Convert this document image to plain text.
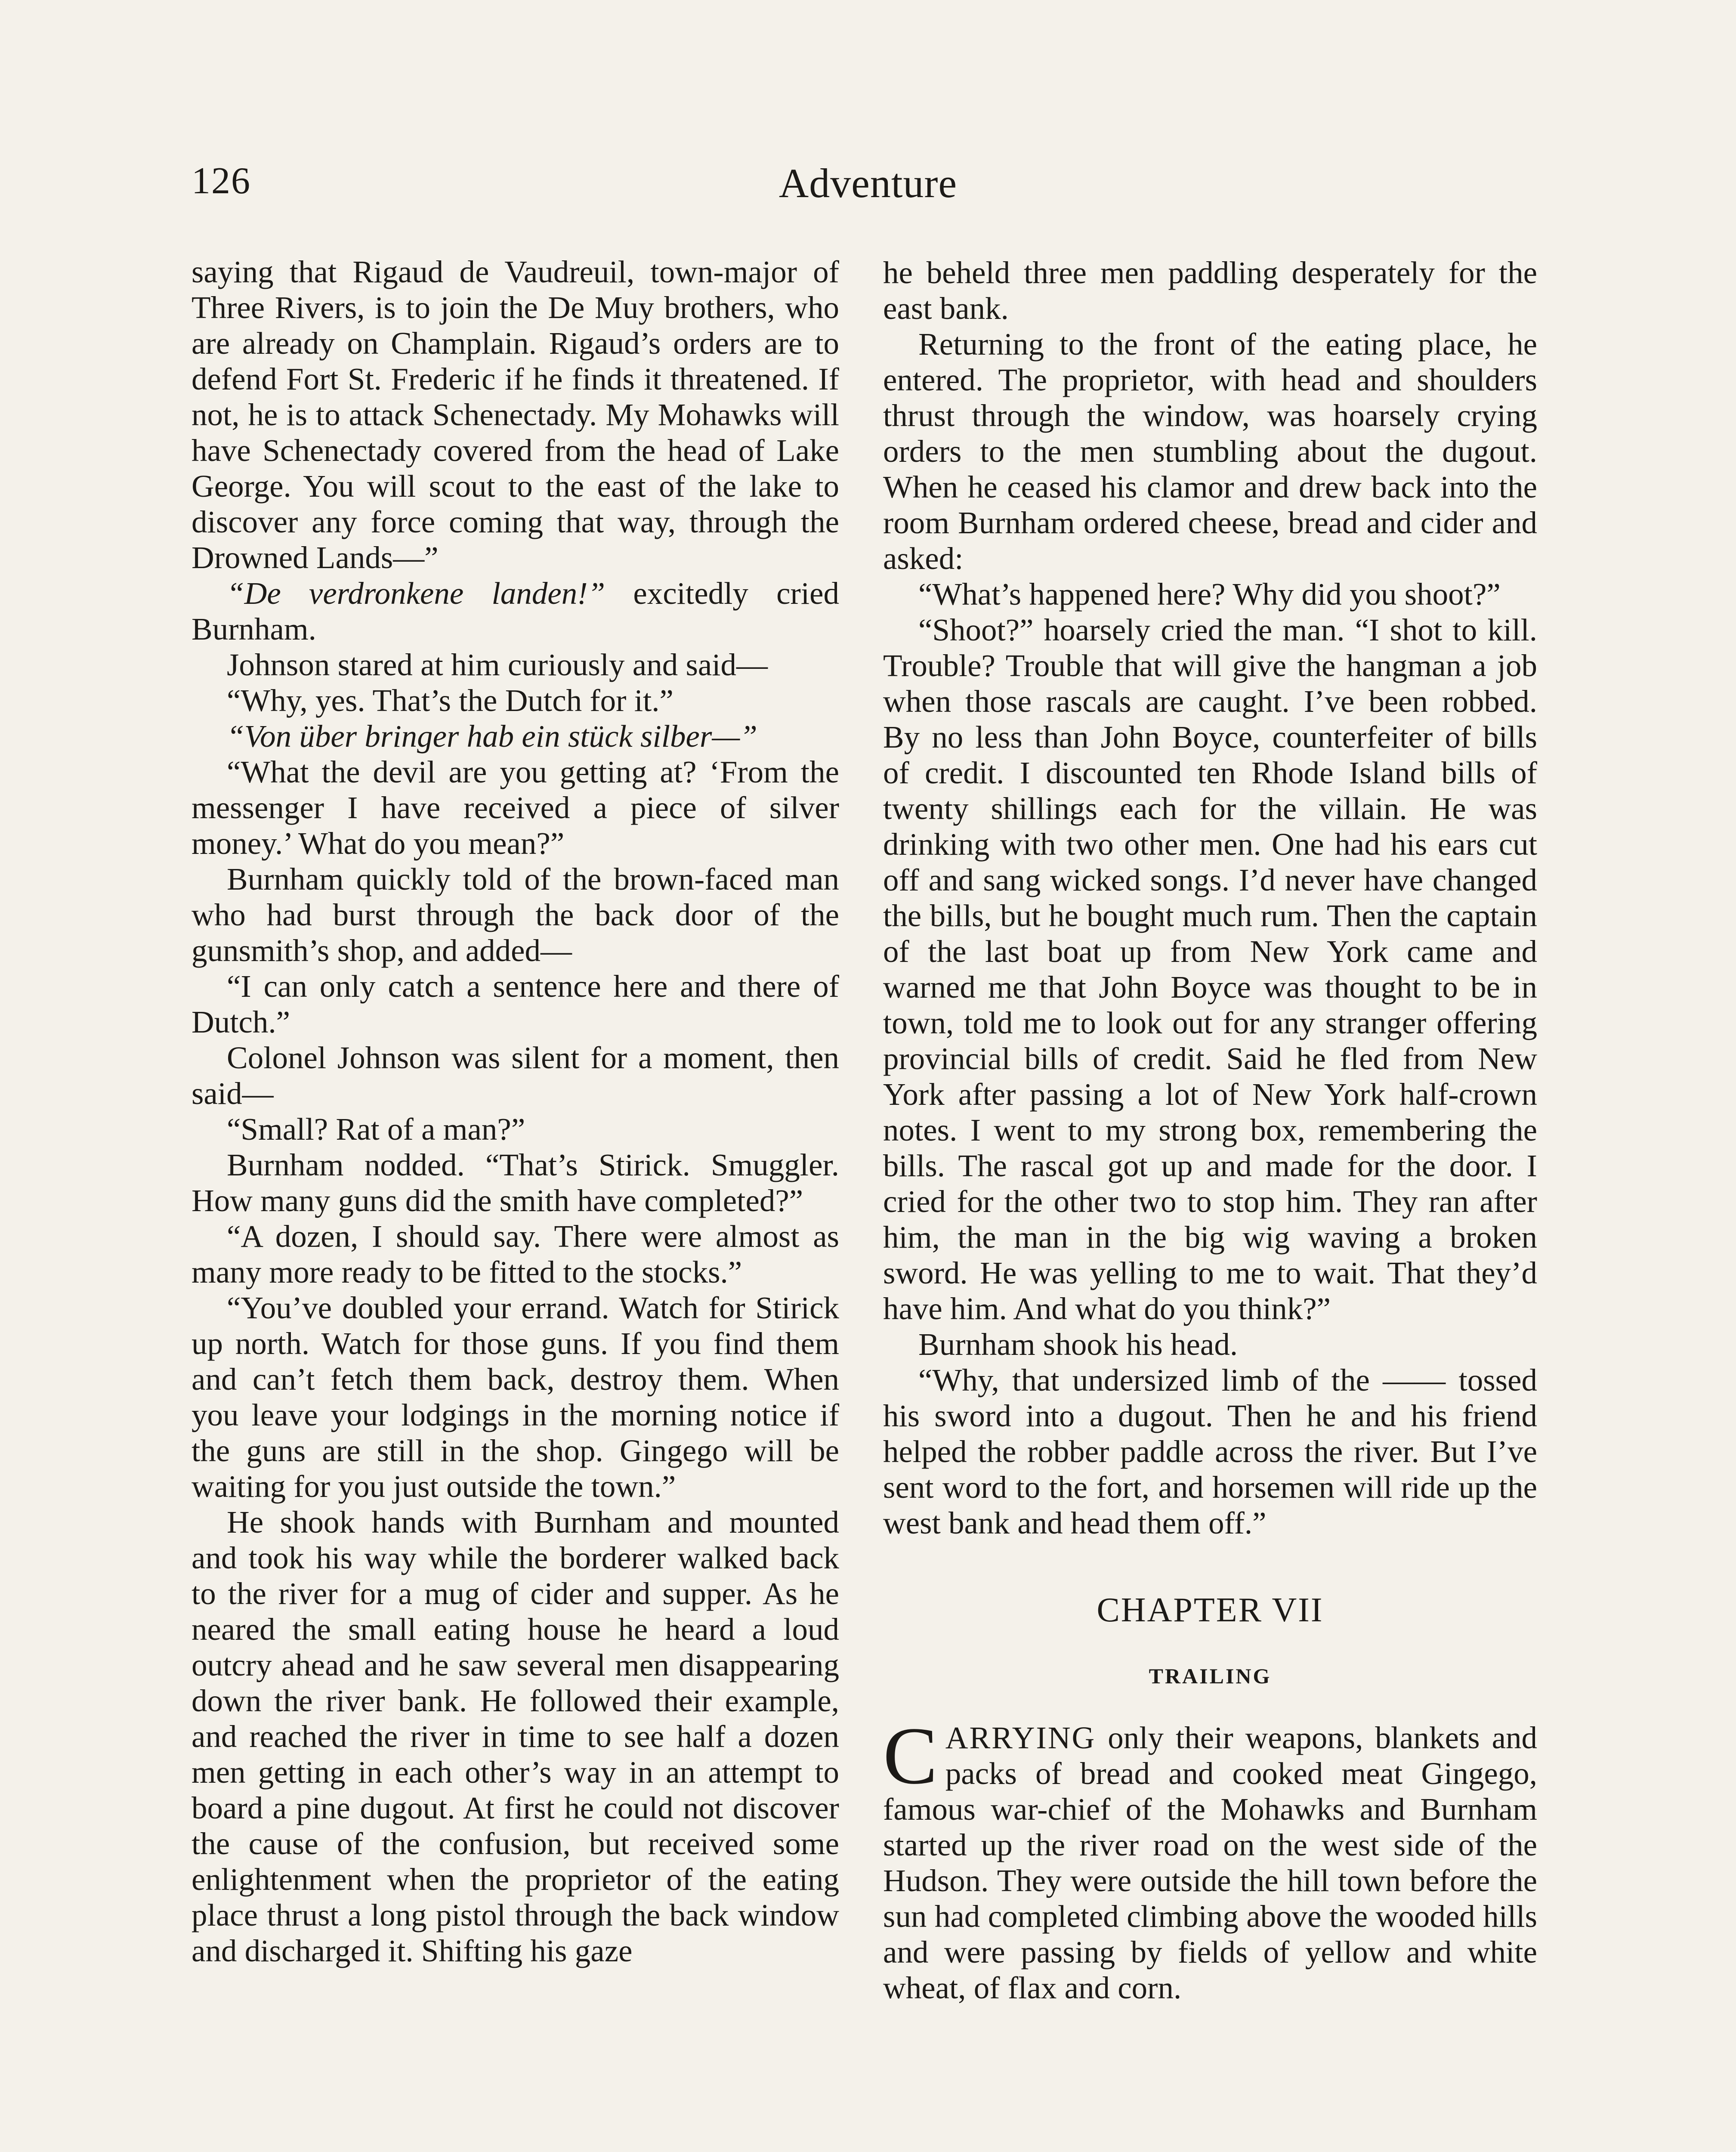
126	Adventure

saying that Rigaud de Vaudreuil, town-major of Three Rivers, is to join the De Muy brothers, who are already on Champlain. Rigaud’s orders are to defend Fort St. Frederic if he finds it threatened. If not, he is to attack Schenectady. My Mohawks will have Schenectady covered from the head of Lake George. You will scout to the east of the lake to discover any force coming that way, through the Drowned Lands—”

“De verdronkene landen!” excitedly cried Burnham.

Johnson stared at him curiously and said—

“Why, yes. That’s the Dutch for it.”

“Von über bringer hab ein stück silber—”

“What the devil are you getting at? ‘From the messenger I have received a piece of silver money.’ What do you mean?”

Burnham quickly told of the brown-faced man who had burst through the back door of the gunsmith’s shop, and added—

“I can only catch a sentence here and there of Dutch.”

Colonel Johnson was silent for a moment, then said—

“Small? Rat of a man?”

Burnham nodded. “That’s Stirick. Smuggler. How many guns did the smith have completed?”

“A dozen, I should say. There were almost as many more ready to be fitted to the stocks.”

“You’ve doubled your errand. Watch for Stirick up north. Watch for those guns. If you find them and can’t fetch them back, destroy them. When you leave your lodgings in the morning notice if the guns are still in the shop. Gingego will be waiting for you just outside the town.”

He shook hands with Burnham and mounted and took his way while the borderer walked back to the river for a mug of cider and supper. As he neared the small eating house he heard a loud outcry ahead and he saw several men disappearing down the river bank. He followed their example, and reached the river in time to see half a dozen men getting in each other’s way in an attempt to board a pine dugout. At first he could not discover the cause of the confusion, but received some enlightenment when the proprietor of the eating place thrust a long pistol through the back window and discharged it. Shifting his gaze

he beheld three men paddling desperately for the east bank.

Returning to the front of the eating place, he entered. The proprietor, with head and shoulders thrust through the window, was hoarsely crying orders to the men stumbling about the dugout. When he ceased his clamor and drew back into the room Burnham ordered cheese, bread and cider and asked:

“What’s happened here? Why did you shoot?”

“Shoot?” hoarsely cried the man. “I shot to kill. Trouble? Trouble that will give the hangman a job when those rascals are caught. I’ve been robbed. By no less than John Boyce, counterfeiter of bills of credit. I discounted ten Rhode Island bills of twenty shillings each for the villain. He was drinking with two other men. One had his ears cut off and sang wicked songs. I’d never have changed the bills, but he bought much rum. Then the captain of the last boat up from New York came and warned me that John Boyce was thought to be in town, told me to look out for any stranger offering provincial bills of credit. Said he fled from New York after passing a lot of New York half-crown notes. I went to my strong box, remembering the bills. The rascal got up and made for the door. I cried for the other two to stop him. They ran after him, the man in the big wig waving a broken sword. He was yelling to me to wait. That they’d have him. And what do you think?”

Burnham shook his head.

“Why, that undersized limb of the —— tossed his sword into a dugout. Then he and his friend helped the robber paddle across the river. But I’ve sent word to the fort, and horsemen will ride up the west bank and head them off.”

CHAPTER VII

TRAILING

CARRYING only their weapons, blankets and packs of bread and cooked meat Gingego, famous war-chief of the Mohawks and Burnham started up the river road on the west side of the Hudson. They were outside the hill town before the sun had completed climbing above the wooded hills and were passing by fields of yellow and white wheat, of flax and corn.
